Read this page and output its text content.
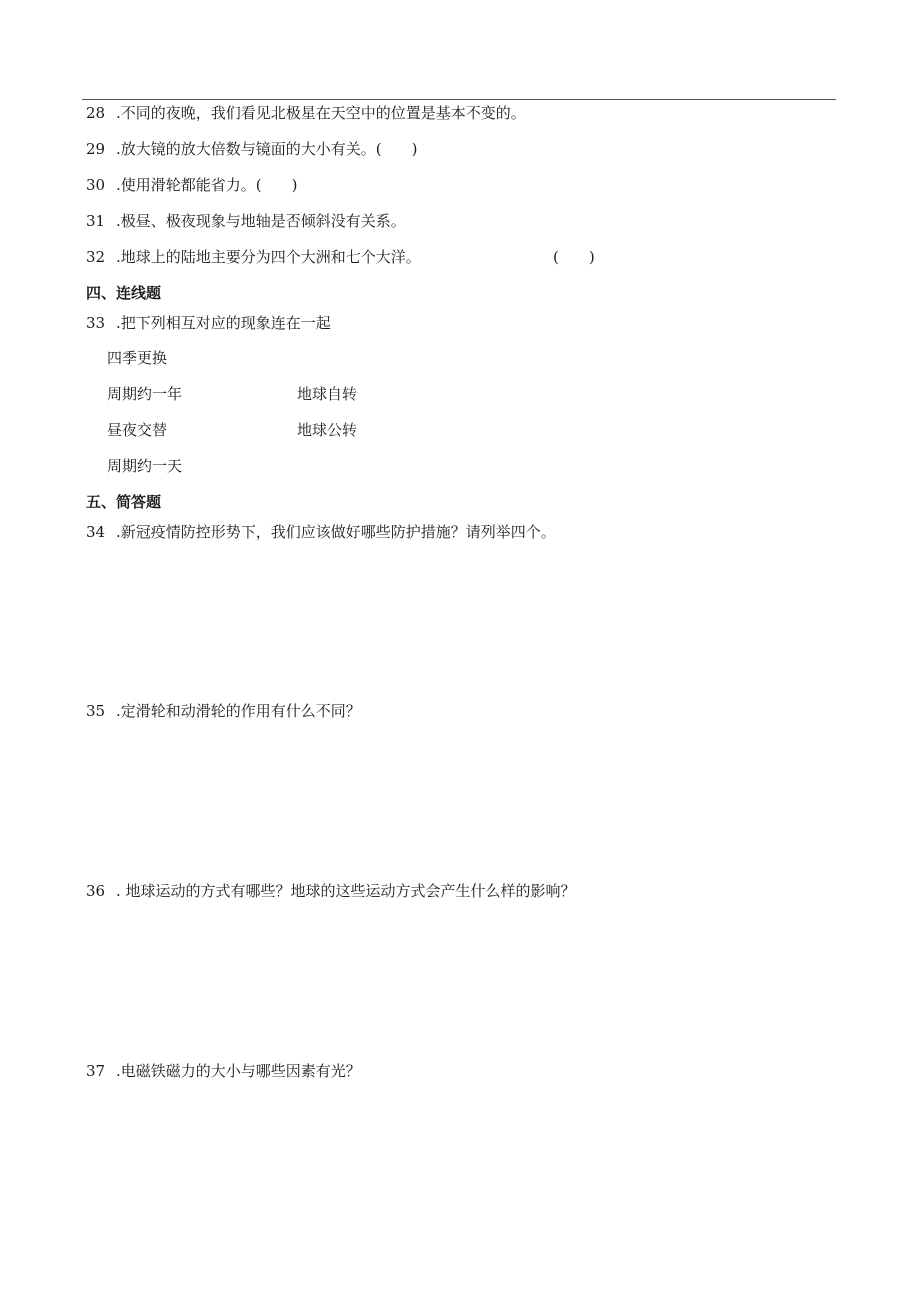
28 .不同的夜晚，我们看见北极星在天空中的位置是基本不变的。
29 .放大镜的放大倍数与镜面的大小有关。(　　)
30 .使用滑轮都能省力。(　　)
31 .极昼、极夜现象与地轴是否倾斜没有关系。
32 .地球上的陆地主要分为四个大洲和七个大洋。	(　　)
四、连线题
33 .把下列相互对应的现象连在一起
四季更换
周期约一年
昼夜交替
周期约一天
地球自转
地球公转
五、简答题
34 .新冠疫情防控形势下，我们应该做好哪些防护措施？请列举四个。
35 .定滑轮和动滑轮的作用有什么不同？
36 . 地球运动的方式有哪些？地球的这些运动方式会产生什么样的影响？
37 .电磁铁磁力的大小与哪些因素有光？
